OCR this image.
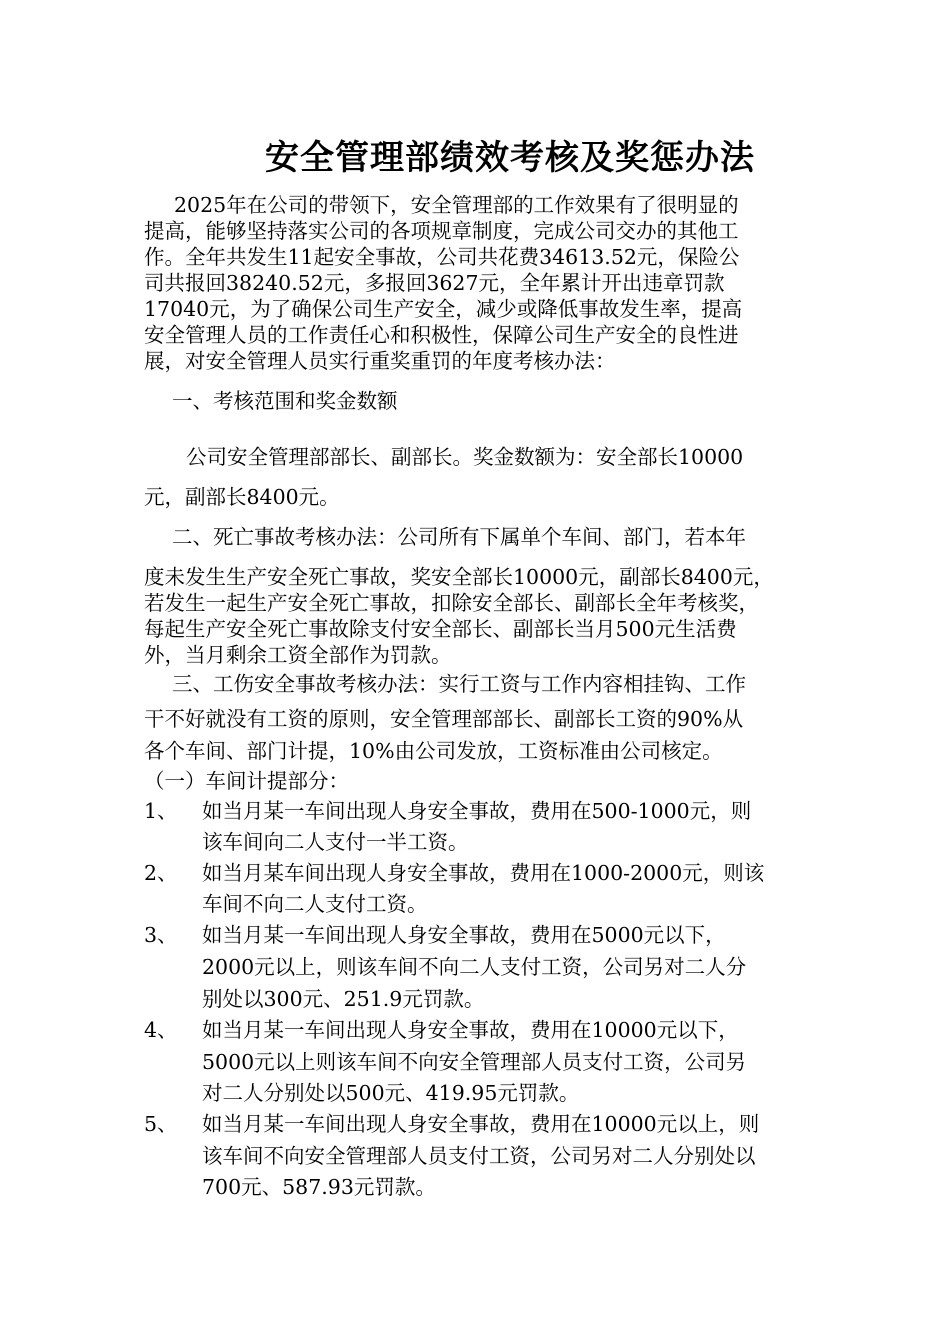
安全管理部绩效考核及奖惩办法
2025年在公司的带领下，安全管理部的工作效果有了很明显的
提高，能够坚持落实公司的各项规章制度，完成公司交办的其他工
作。全年共发生11起安全事故，公司共花费34613.52元，保险公
司共报回38240.52元，多报回3627元，全年累计开出违章罚款
17040元，为了确保公司生产安全，减少或降低事故发生率，提高
安全管理人员的工作责任心和积极性，保障公司生产安全的良性进
展，对安全管理人员实行重奖重罚的年度考核办法：
一、考核范围和奖金数额
公司安全管理部部长、副部长。奖金数额为：安全部长10000
元，副部长8400元。
二、死亡事故考核办法：公司所有下属单个车间、部门，若本年
度未发生生产安全死亡事故，奖安全部长10000元，副部长8400元，
若发生一起生产安全死亡事故，扣除安全部长、副部长全年考核奖，
每起生产安全死亡事故除支付安全部长、副部长当月500元生活费
外，当月剩余工资全部作为罚款。
三、工伤安全事故考核办法：实行工资与工作内容相挂钩、工作
干不好就没有工资的原则，安全管理部部长、副部长工资的90%从
各个车间、部门计提，10%由公司发放，工资标准由公司核定。
（一）车间计提部分：
1、 如当月某一车间出现人身安全事故，费用在500-1000元，则
该车间向二人支付一半工资。
2、 如当月某车间出现人身安全事故，费用在1000-2000元，则该
车间不向二人支付工资。
3、 如当月某一车间出现人身安全事故，费用在5000元以下，
2000元以上，则该车间不向二人支付工资，公司另对二人分
别处以300元、251.9元罚款。
4、 如当月某一车间出现人身安全事故，费用在10000元以下，
5000元以上则该车间不向安全管理部人员支付工资，公司另
对二人分别处以500元、419.95元罚款。
5、 如当月某一车间出现人身安全事故，费用在10000元以上，则
该车间不向安全管理部人员支付工资，公司另对二人分别处以
700元、587.93元罚款。
